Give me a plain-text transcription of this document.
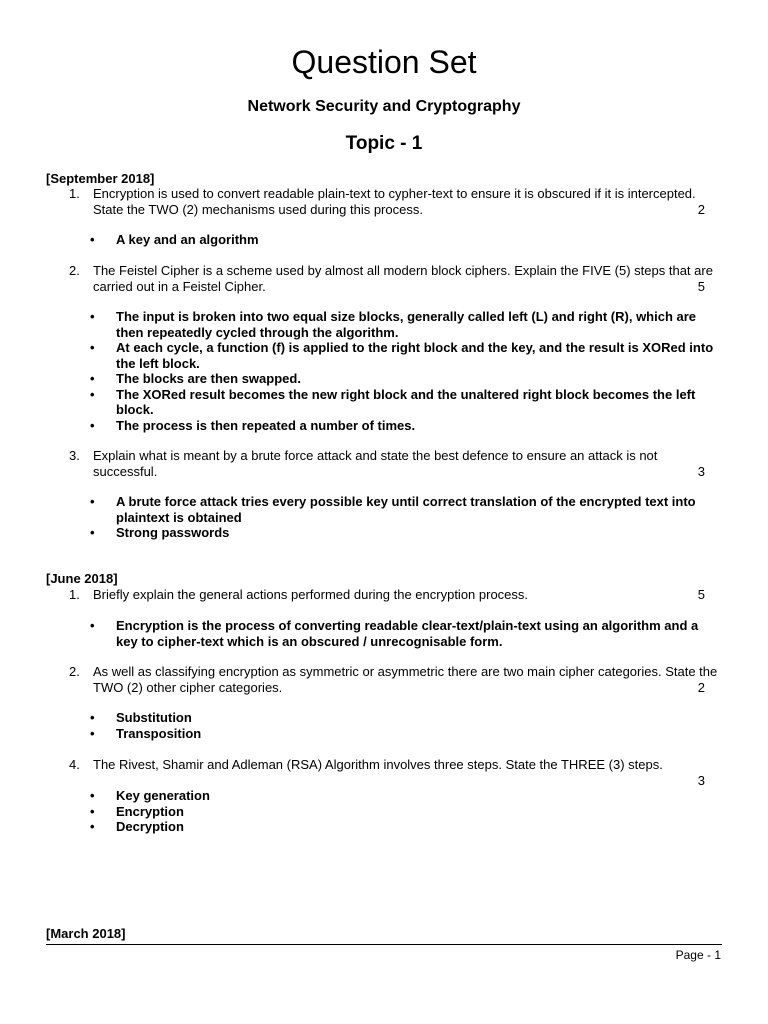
Question Set
Network Security and Cryptography
Topic - 1
[September 2018]
1. Encryption is used to convert readable plain-text to cypher-text to ensure it is obscured if it is intercepted. State the TWO (2) mechanisms used during this process.	2
• A key and an algorithm
2. The Feistel Cipher is a scheme used by almost all modern block ciphers. Explain the FIVE (5) steps that are carried out in a Feistel Cipher.	5
• The input is broken into two equal size blocks, generally called left (L) and right (R), which are then repeatedly cycled through the algorithm.
• At each cycle, a function (f) is applied to the right block and the key, and the result is XORed into the left block.
• The blocks are then swapped.
• The XORed result becomes the new right block and the unaltered right block becomes the left block.
• The process is then repeated a number of times.
3. Explain what is meant by a brute force attack and state the best defence to ensure an attack is not successful.	3
• A brute force attack tries every possible key until correct translation of the encrypted text into plaintext is obtained
• Strong passwords
[June 2018]
1. Briefly explain the general actions performed during the encryption process.	5
• Encryption is the process of converting readable clear-text/plain-text using an algorithm and a key to cipher-text which is an obscured / unrecognisable form.
2. As well as classifying encryption as symmetric or asymmetric there are two main cipher categories. State the TWO (2) other cipher categories.	2
• Substitution
• Transposition
4. The Rivest, Shamir and Adleman (RSA) Algorithm involves three steps. State the THREE (3) steps.
3
• Key generation
• Encryption
• Decryption
[March 2018]
Page - 1
